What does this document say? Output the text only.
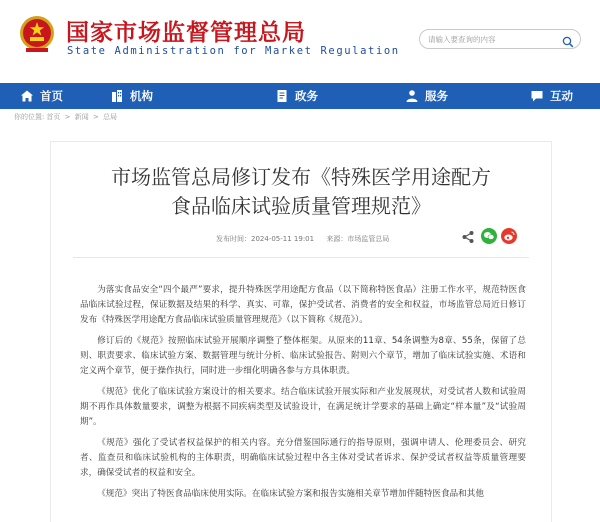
国家市场监督管理总局
State Administration for Market Regulation
请输入要查询的内容
首页	机构	政务	服务	互动
你的位置: 首页 > 新闻 > 总局
市场监管总局修订发布《特殊医学用途配方
食品临床试验质量管理规范》
发布时间：2024-05-11 19:01 来源：市场监管总局

为落实食品安全“四个最严”要求，提升特殊医学用途配方食品（以下简称特医食品）注册工作水平，规范特医食品临床试验过程，保证数据及结果的科学、真实、可靠，保护受试者、消费者的安全和权益，市场监管总局近日修订发布《特殊医学用途配方食品临床试验质量管理规范》（以下简称《规范》）。

修订后的《规范》按照临床试验开展顺序调整了整体框架。从原来的11章、54条调整为8章、55条，保留了总则、职责要求、临床试验方案、数据管理与统计分析、临床试验报告、附则六个章节，增加了临床试验实施、术语和定义两个章节，便于操作执行，同时进一步细化明确各参与方具体职责。

《规范》优化了临床试验方案设计的相关要求。结合临床试验开展实际和产业发展现状，对受试者人数和试验周期不再作具体数量要求，调整为根据不同疾病类型及试验设计，在满足统计学要求的基础上确定“样本量”及“试验周期”。

《规范》强化了受试者权益保护的相关内容。充分借鉴国际通行的指导原则，强调申请人、伦理委员会、研究者、监查员和临床试验机构的主体职责，明确临床试验过程中各主体对受试者诉求、保护受试者权益等质量管理要求，确保受试者的权益和安全。

《规范》突出了特医食品临床使用实际。在临床试验方案和报告实施相关章节增加伴随特医食品和其他
